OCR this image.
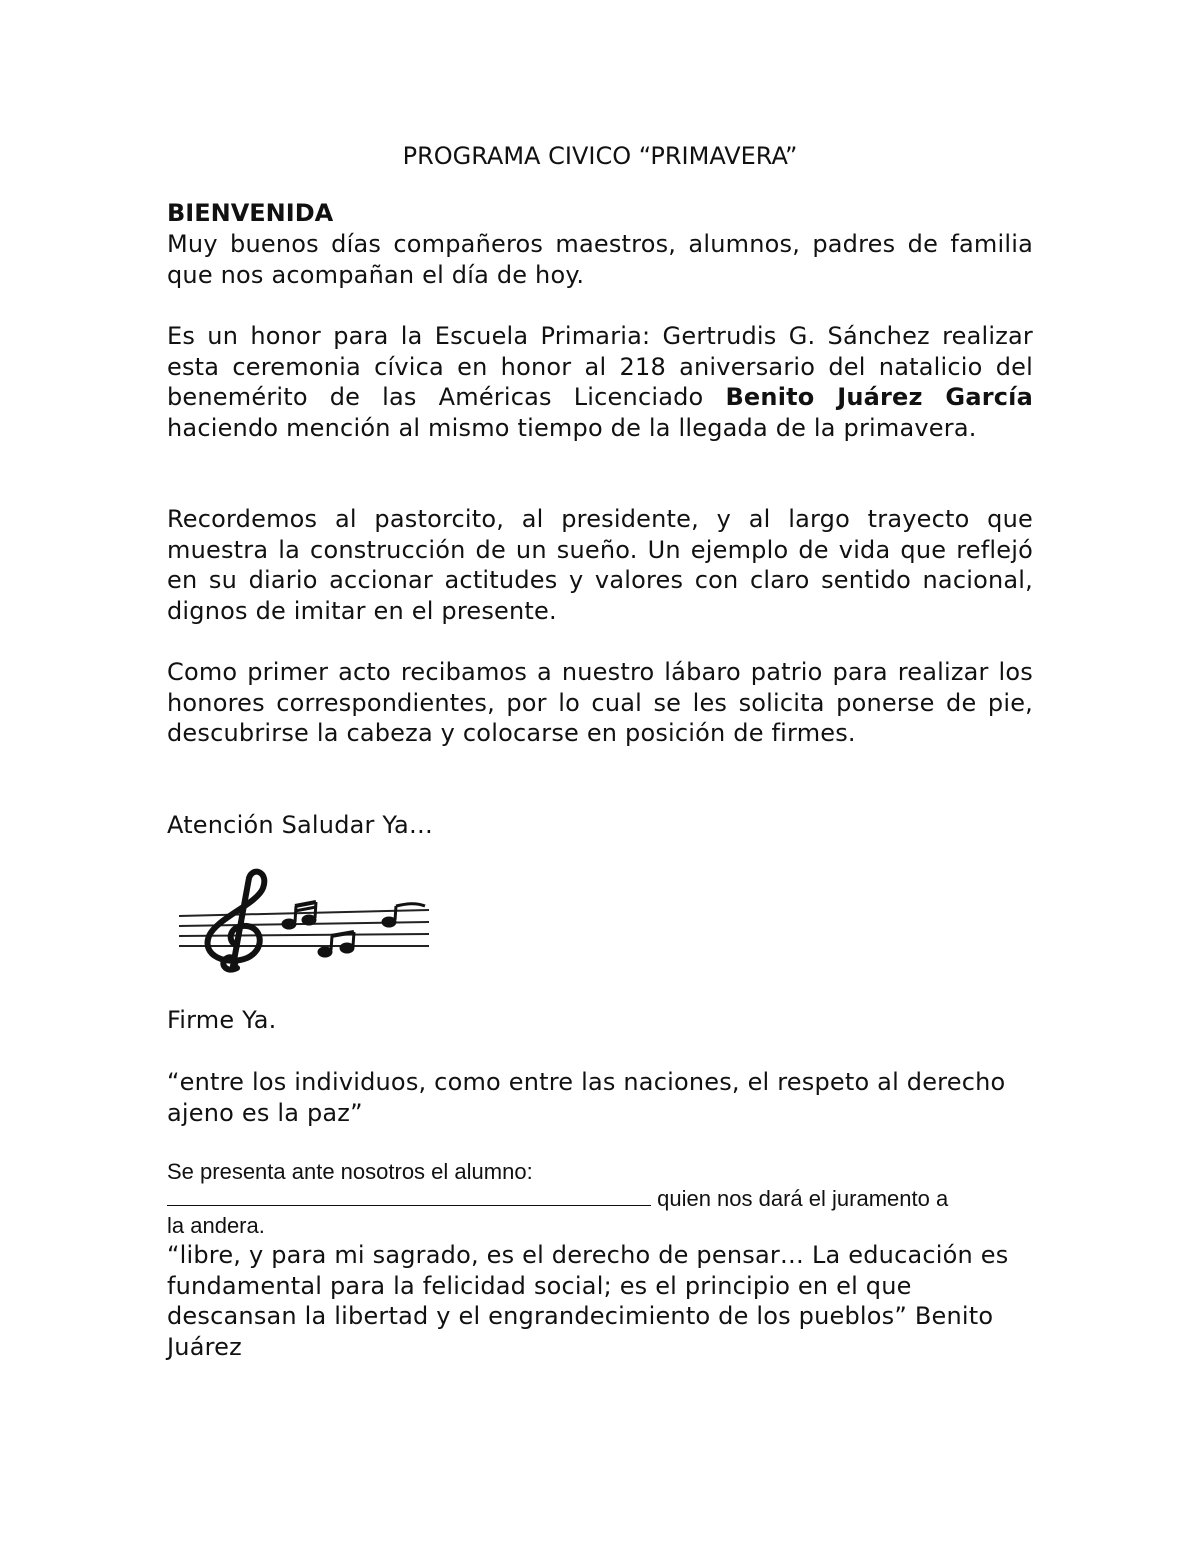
PROGRAMA CIVICO “PRIMAVERA”
BIENVENIDA

Muy buenos días compañeros maestros, alumnos, padres de familia que nos acompañan el día de hoy.

Es un honor para la Escuela Primaria: Gertrudis G. Sánchez realizar esta ceremonia cívica en honor al 218 aniversario del natalicio del benemérito de las Américas Licenciado Benito Juárez García haciendo mención al mismo tiempo de la llegada de la primavera.

Recordemos al pastorcito, al presidente, y al largo trayecto que muestra la construcción de un sueño. Un ejemplo de vida que reflejó en su diario accionar actitudes y valores con claro sentido nacional, dignos de imitar en el presente.

Como primer acto recibamos a nuestro lábaro patrio para realizar los honores correspondientes, por lo cual se les solicita ponerse de pie, descubrirse la cabeza y colocarse en posición de firmes.

Atención Saludar Ya…

Firme Ya.

“entre los individuos, como entre las naciones, el respeto al derecho ajeno es la paz”

Se presenta ante nosotros el alumno:

quien nos dará el juramento a

la andera.

“libre, y para mi sagrado, es el derecho de pensar… La educación es fundamental para la felicidad social; es el principio en el que descansan la libertad y el engrandecimiento de los pueblos” Benito Juárez
